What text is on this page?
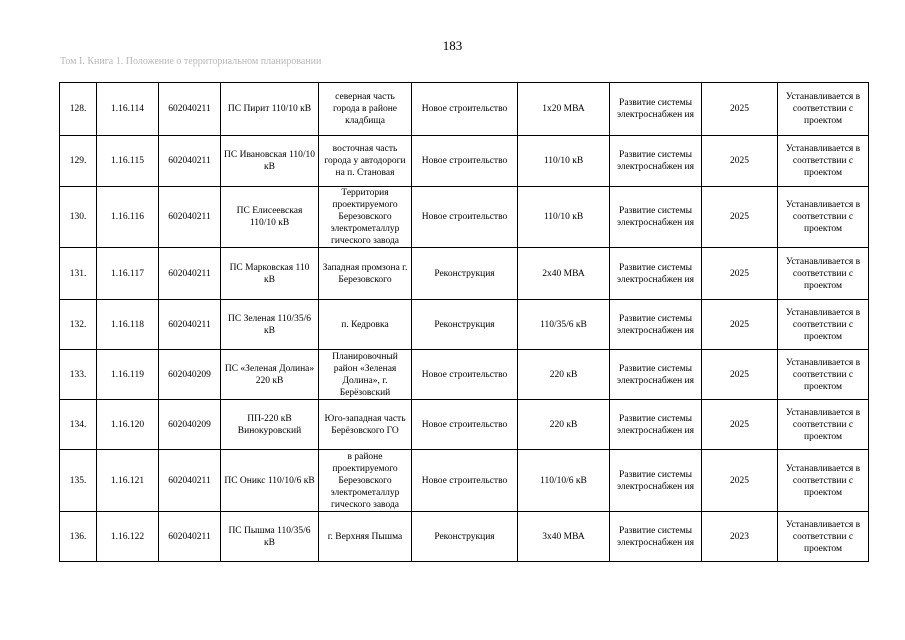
183
Том I. Книга 1. Положение о территориальном планировании
128.	1.16.114	602040211	ПС Пирит 110/10 кВ	северная часть города в районе кладбища	Новое строительство	1х20 МВА	Развитие системы электроснабжен ия	2025	Устанавливается в соответствии с проектом
129.	1.16.115	602040211	ПС Ивановская 110/10 кВ	восточная часть города у автодороги на п. Становая	Новое строительство	110/10 кВ	Развитие системы электроснабжен ия	2025	Устанавливается в соответствии с проектом
130.	1.16.116	602040211	ПС Елисеевская 110/10 кВ	Территория проектируемого Березовского электрометаллур гического завода	Новое строительство	110/10 кВ	Развитие системы электроснабжен ия	2025	Устанавливается в соответствии с проектом
131.	1.16.117	602040211	ПС Марковская 110 кВ	Западная промзона г. Березовского	Реконструкция	2х40 МВА	Развитие системы электроснабжен ия	2025	Устанавливается в соответствии с проектом
132.	1.16.118	602040211	ПС Зеленая 110/35/6 кВ	п. Кедровка	Реконструкция	110/35/6 кВ	Развитие системы электроснабжен ия	2025	Устанавливается в соответствии с проектом
133.	1.16.119	602040209	ПС «Зеленая Долина» 220 кВ	Планировочный район «Зеленая Долина», г. Берёзовский	Новое строительство	220 кВ	Развитие системы электроснабжен ия	2025	Устанавливается в соответствии с проектом
134.	1.16.120	602040209	ПП-220 кВ Винокуровский	Юго-западная часть Берёзовского ГО	Новое строительство	220 кВ	Развитие системы электроснабжен ия	2025	Устанавливается в соответствии с проектом
135.	1.16.121	602040211	ПС Оникс 110/10/6 кВ	в районе проектируемого Березовского электрометаллур гического завода	Новое строительство	110/10/6 кВ	Развитие системы электроснабжен ия	2025	Устанавливается в соответствии с проектом
136.	1.16.122	602040211	ПС Пышма 110/35/6 кВ	г. Верхняя Пышма	Реконструкция	3х40 МВА	Развитие системы электроснабжен ия	2023	Устанавливается в соответствии с проектом
